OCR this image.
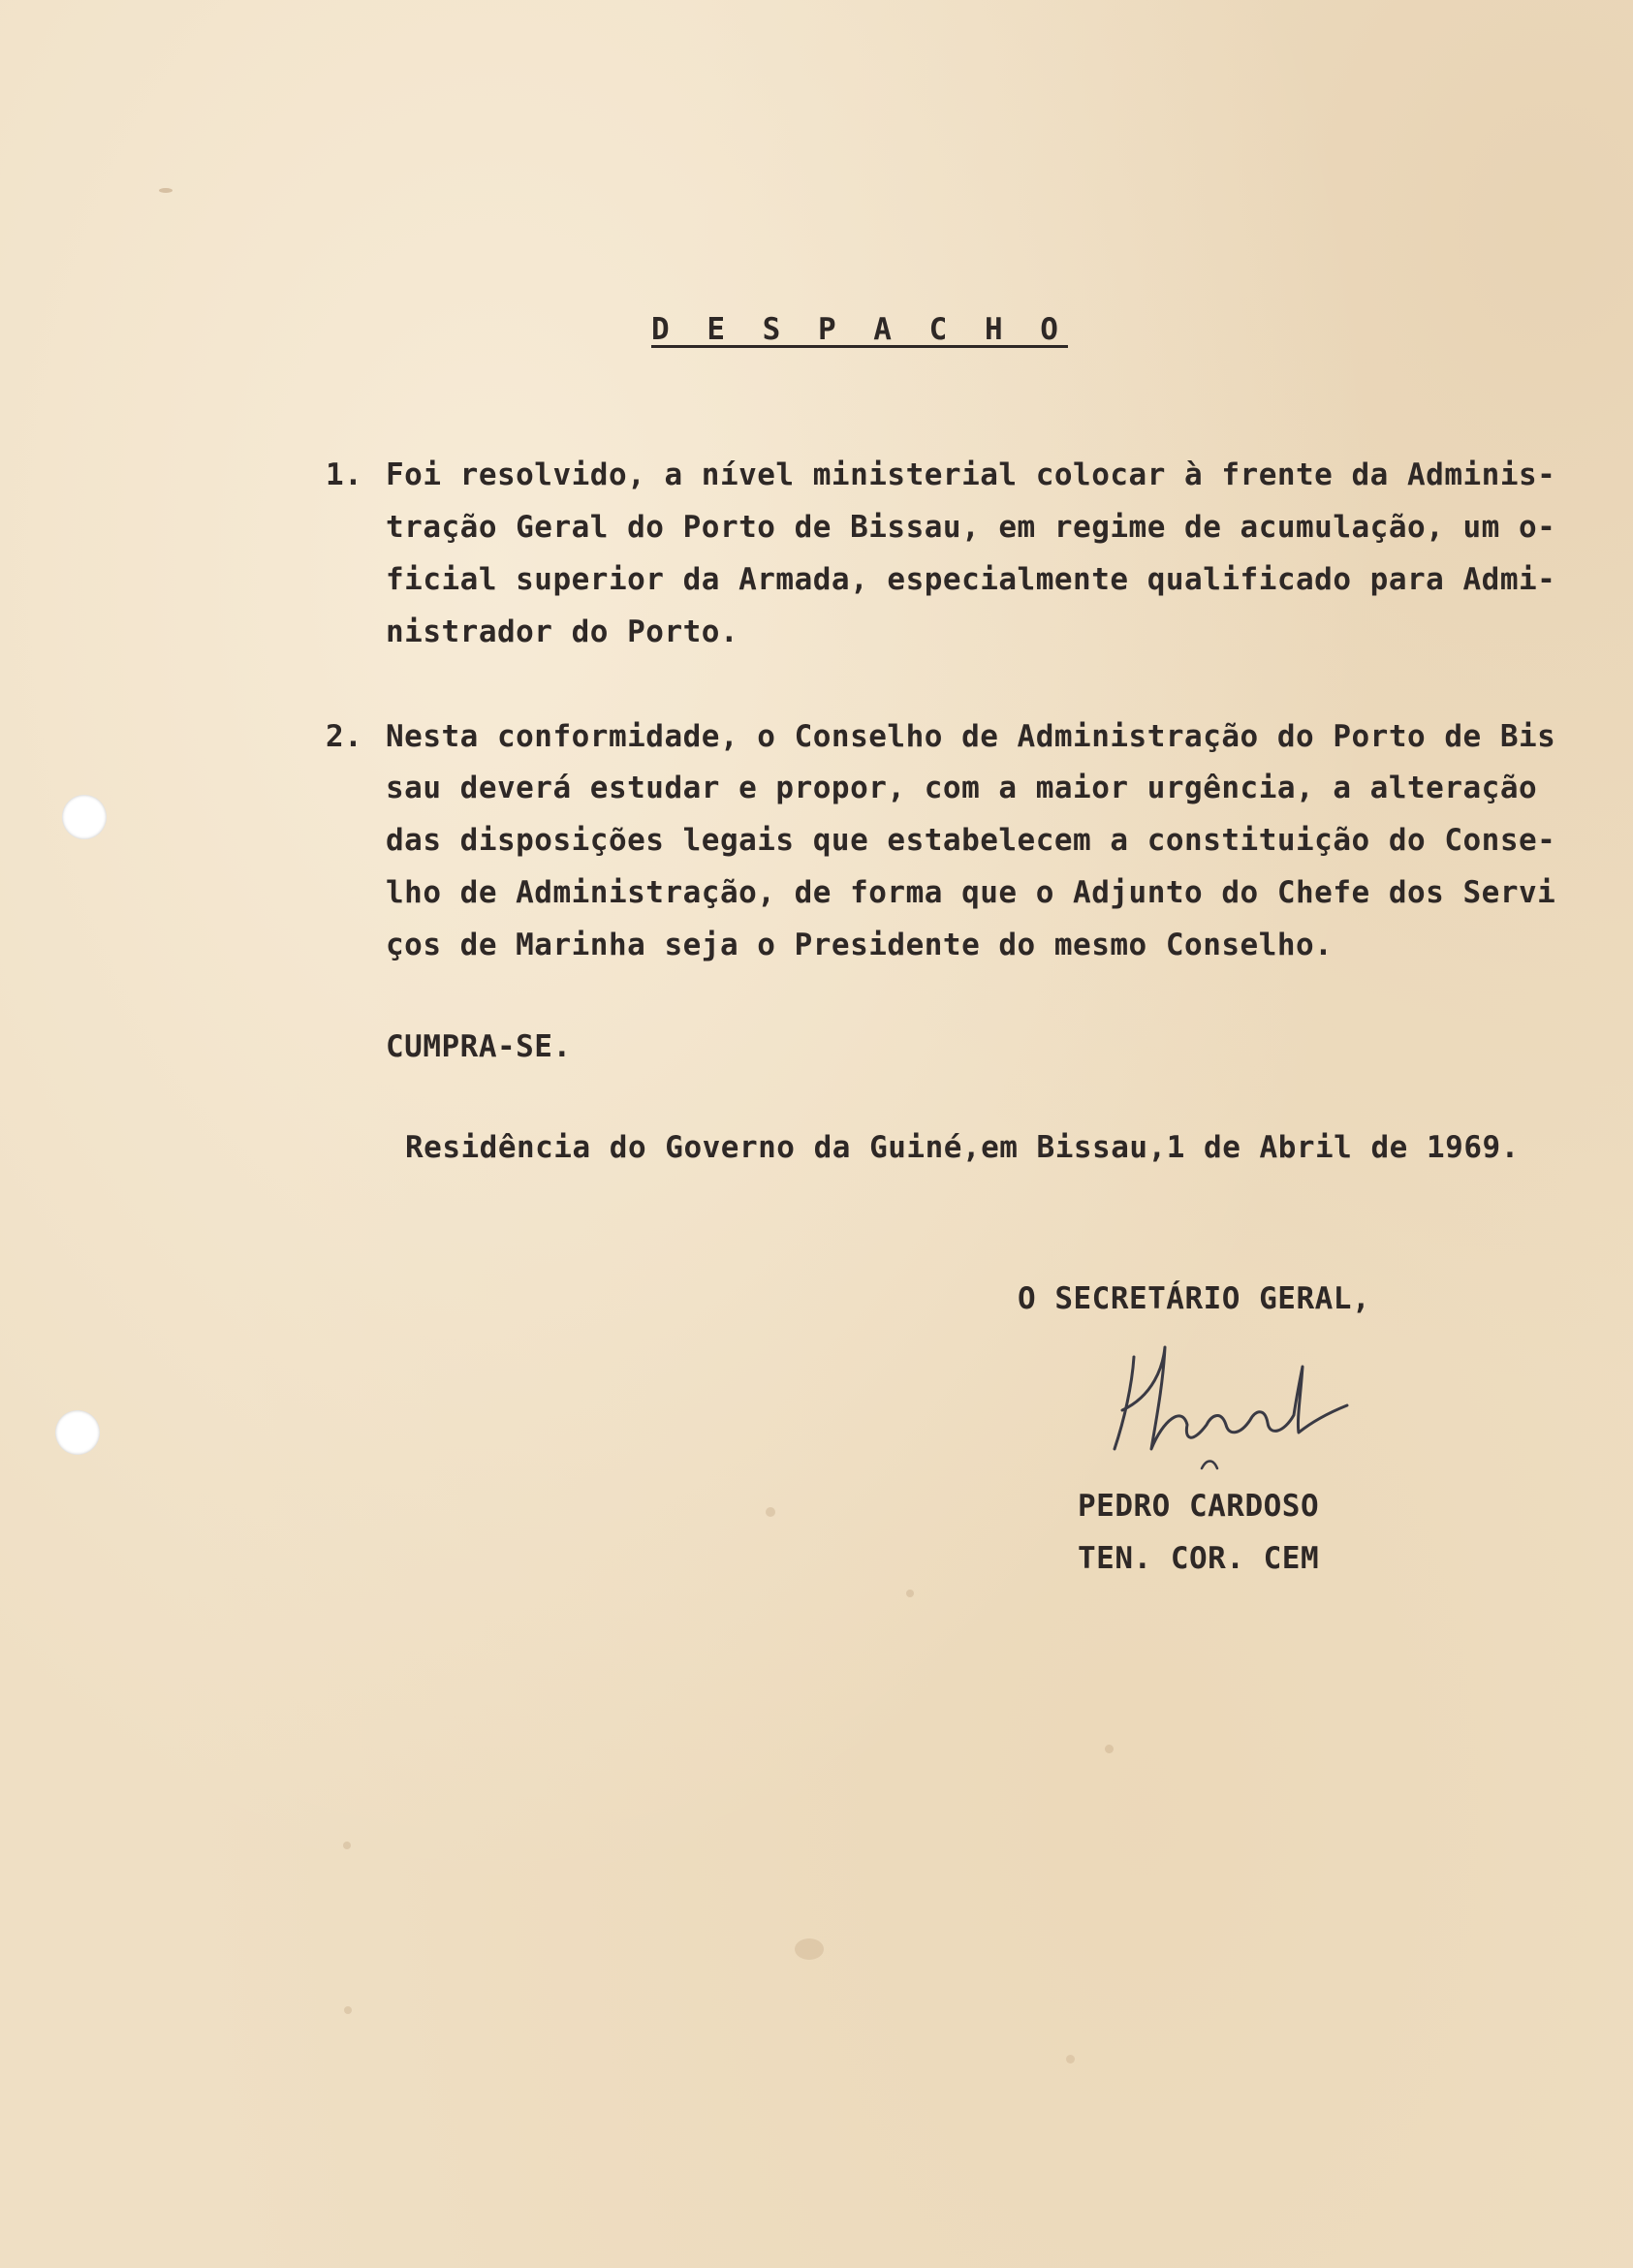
D E S P A C H O
1. Foi resolvido, a nível ministerial colocar à frente da Adminis-
tração Geral do Porto de Bissau, em regime de acumulação, um o-
ficial superior da Armada, especialmente qualificado para Admi-
nistrador do Porto.
2. Nesta conformidade, o Conselho de Administração do Porto de Bis
sau deverá estudar e propor, com a maior urgência, a alteração
das disposições legais que estabelecem a constituição do Conse-
lho de Administração, de forma que o Adjunto do Chefe dos Servi
ços de Marinha seja o Presidente do mesmo Conselho.
CUMPRA-SE.
Residência do Governo da Guiné,em Bissau,1 de Abril de 1969.
O SECRETÁRIO GERAL,
PEDRO CARDOSO
TEN. COR. CEM
